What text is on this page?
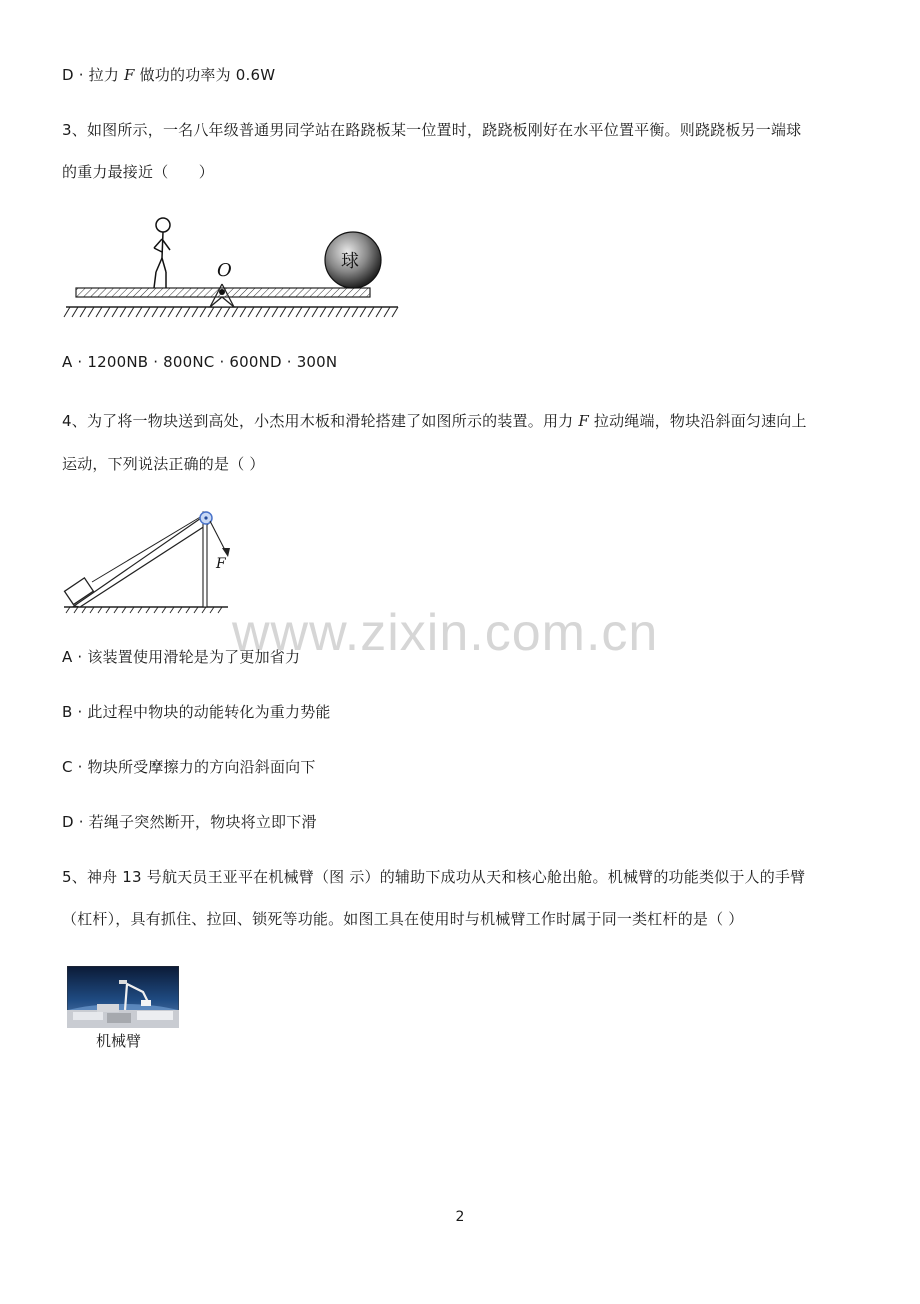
D · 拉力 F 做功的功率为 0.6W
3、如图所示，一名八年级普通男同学站在路跷板某一位置时，跷跷板刚好在水平位置平衡。则跷跷板另一端球
的重力最接近（　　）
O	球
A · 1200NB · 800NC · 600ND · 300N
4、为了将一物块送到高处，小杰用木板和滑轮搭建了如图所示的装置。用力 F 拉动绳端，物块沿斜面匀速向上
运动，下列说法正确的是（ ）
F
www.zixin.com.cn
A · 该装置使用滑轮是为了更加省力
B · 此过程中物块的动能转化为重力势能
C · 物块所受摩擦力的方向沿斜面向下
D · 若绳子突然断开，物块将立即下滑
5、神舟 13 号航天员王亚平在机械臂（图 示）的辅助下成功从天和核心舱出舱。机械臂的功能类似于人的手臂
（杠杆），具有抓住、拉回、锁死等功能。如图工具在使用时与机械臂工作时属于同一类杠杆的是（ ）
机械臂
2
